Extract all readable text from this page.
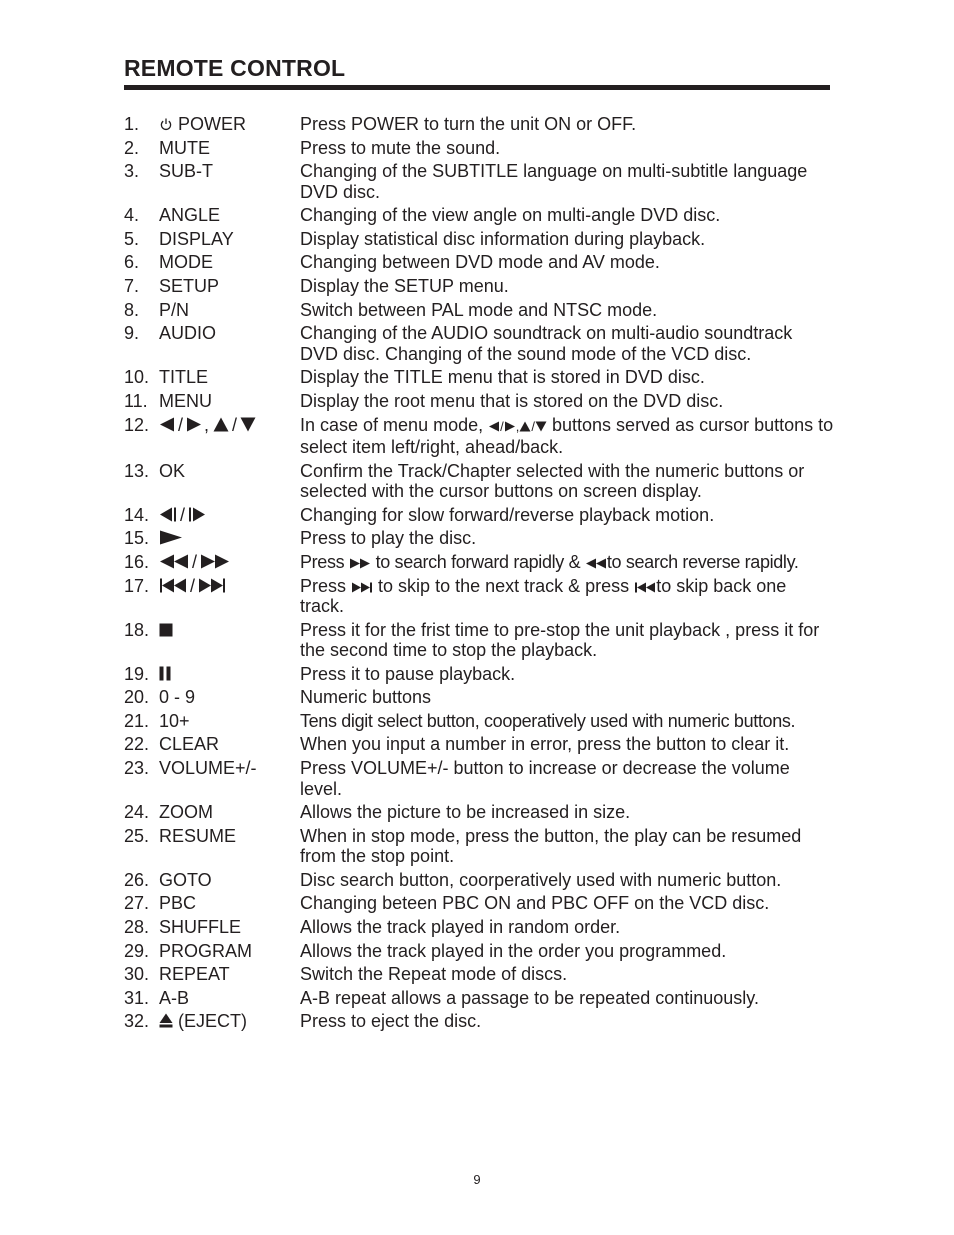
REMOTE CONTROL
1.	POWER	Press POWER to turn the unit ON or OFF.
2.	MUTE	Press to mute the sound.
3.	SUB-T	Changing of the SUBTITLE language on multi-subtitle language DVD disc.
4.	ANGLE	Changing of the view angle on multi-angle DVD disc.
5.	DISPLAY	Display statistical disc information during playback.
6.	MODE	Changing between DVD mode and AV mode.
7.	SETUP	Display the SETUP menu.
8.	P/N	Switch between PAL mode and NTSC mode.
9.	AUDIO	Changing of the AUDIO soundtrack on multi-audio soundtrack DVD disc. Changing of the sound mode of the VCD disc.
10. TITLE	Display the TITLE menu that is stored in DVD disc.
11. MENU	Display the root menu that is stored on the DVD disc.
12.	/ , /	In case of menu mode, / , / buttons served as cursor buttons to select item left/right, ahead/back.
13. OK	Confirm the Track/Chapter selected with the numeric buttons or selected with the cursor buttons on screen display.
14.	/	Changing for slow forward/reverse playback motion.
15.	Press to play the disc.
16.	/	Press to search forward rapidly & to search reverse rapidly.
17.	/	Press to skip to the next track & press to skip back one track.
18.	Press it for the frist time to pre-stop the unit playback , press it for the second time to stop the playback.
19.	Press it to pause playback.
20. 0 - 9	Numeric buttons
21. 10+	Tens digit select button, cooperatively used with numeric buttons.
22. CLEAR	When you input a number in error, press the button to clear it.
23. VOLUME+/-	Press VOLUME+/- button to increase or decrease the volume level.
24. ZOOM	Allows the picture to be increased in size.
25. RESUME	When in stop mode, press the button, the play can be resumed from the stop point.
26. GOTO	Disc search button, coorperatively used with numeric button.
27. PBC	Changing beteen PBC ON and PBC OFF on the VCD disc.
28. SHUFFLE	Allows the track played in random order.
29. PROGRAM	Allows the track played in the order you programmed.
30. REPEAT	Switch the Repeat mode of discs.
31. A-B	A-B repeat allows a passage to be repeated continuously.
32.	(EJECT)	Press to eject the disc.
9
